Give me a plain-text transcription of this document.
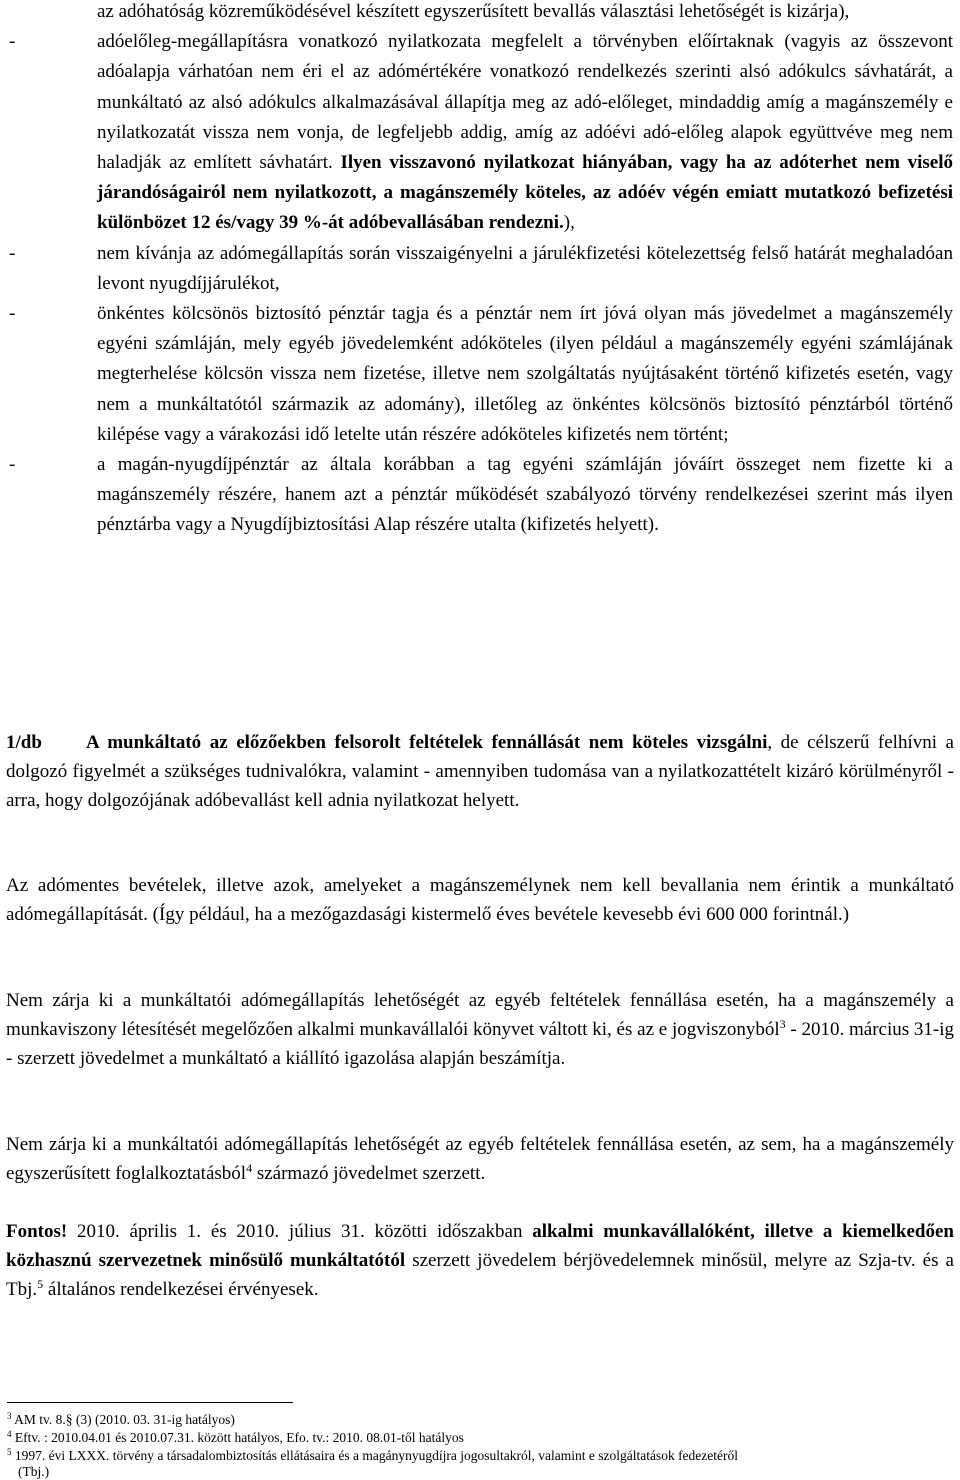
az adóhatóság közreműködésével készített egyszerűsített bevallás választási lehetőségét is kizárja),

-	adóelőleg-megállapításra vonatkozó nyilatkozata megfelelt a törvényben előírtaknak (vagyis az összevont adóalapja várhatóan nem éri el az adómértékére vonatkozó rendelkezés szerinti alsó adókulcs sávhatárát, a munkáltató az alsó adókulcs alkalmazásával állapítja meg az adó-előleget, mindaddig amíg a magánszemély e nyilatkozatát vissza nem vonja, de legfeljebb addig, amíg az adóévi adó-előleg alapok együttvéve meg nem haladják az említett sávhatárt. Ilyen visszavonó nyilatkozat hiányában, vagy ha az adóterhet nem viselő járandóságairól nem nyilatkozott, a magánszemély köteles, az adóév végén emiatt mutatkozó befizetési különbözet 12 és/vagy 39 %-át adóbevallásában rendezni.),

-	nem kívánja az adómegállapítás során visszaigényelni a járulékfizetési kötelezettség felső határát meghaladóan levont nyugdíjjárulékot,

-	önkéntes kölcsönös biztosító pénztár tagja és a pénztár nem írt jóvá olyan más jövedelmet a magánszemély egyéni számláján, mely egyéb jövedelemként adóköteles (ilyen például a magánszemély egyéni számlájának megterhelése kölcsön vissza nem fizetése, illetve nem szolgáltatás nyújtásaként történő kifizetés esetén, vagy nem a munkáltatótól származik az adomány), illetőleg az önkéntes kölcsönös biztosító pénztárból történő kilépése vagy a várakozási idő letelte után részére adóköteles kifizetés nem történt;

-	a magán-nyugdíjpénztár az általa korábban a tag egyéni számláján jóváírt összeget nem fizette ki a magánszemély részére, hanem azt a pénztár működését szabályozó törvény rendelkezései szerint más ilyen pénztárba vagy a Nyugdíjbiztosítási Alap részére utalta (kifizetés helyett).

1/db A munkáltató az előzőekben felsorolt feltételek fennállását nem köteles vizsgálni, de célszerű felhívni a dolgozó figyelmét a szükséges tudnivalókra, valamint - amennyiben tudomása van a nyilatkozattételt kizáró körülményről - arra, hogy dolgozójának adóbevallást kell adnia nyilatkozat helyett.

Az adómentes bevételek, illetve azok, amelyeket a magánszemélynek nem kell bevallania nem érintik a munkáltató adómegállapítását. (Így például, ha a mezőgazdasági kistermelő éves bevétele kevesebb évi 600 000 forintnál.)

Nem zárja ki a munkáltatói adómegállapítás lehetőségét az egyéb feltételek fennállása esetén, ha a magánszemély a munkaviszony létesítését megelőzően alkalmi munkavállalói könyvet váltott ki, és az e jogviszonyból$^3$ - 2010. március 31-ig - szerzett jövedelmet a munkáltató a kiállító igazolása alapján beszámítja.

Nem zárja ki a munkáltatói adómegállapítás lehetőségét az egyéb feltételek fennállása esetén, az sem, ha a magánszemély egyszerűsített foglalkoztatásból$^4$ származó jövedelmet szerzett.

Fontos! 2010. április 1. és 2010. július 31. közötti időszakban alkalmi munkavállalóként, illetve a kiemelkedően közhasznú szervezetnek minősülő munkáltatótól szerzett jövedelem bérjövedelemnek minősül, melyre az Szja-tv. és a Tbj.$^5$ általános rendelkezései érvényesek.

$^3$ AM tv. 8.§ (3) (2010. 03. 31-ig hatályos)
$^4$ Eftv. : 2010.04.01 és 2010.07.31. között hatályos, Efo. tv.: 2010. 08.01-től hatályos
$^5$ 1997. évi LXXX. törvény a társadalombiztosítás ellátásaira és a magánynyugdíjra jogosultakról, valamint e szolgáltatások fedezetéről
(Tbj.)
